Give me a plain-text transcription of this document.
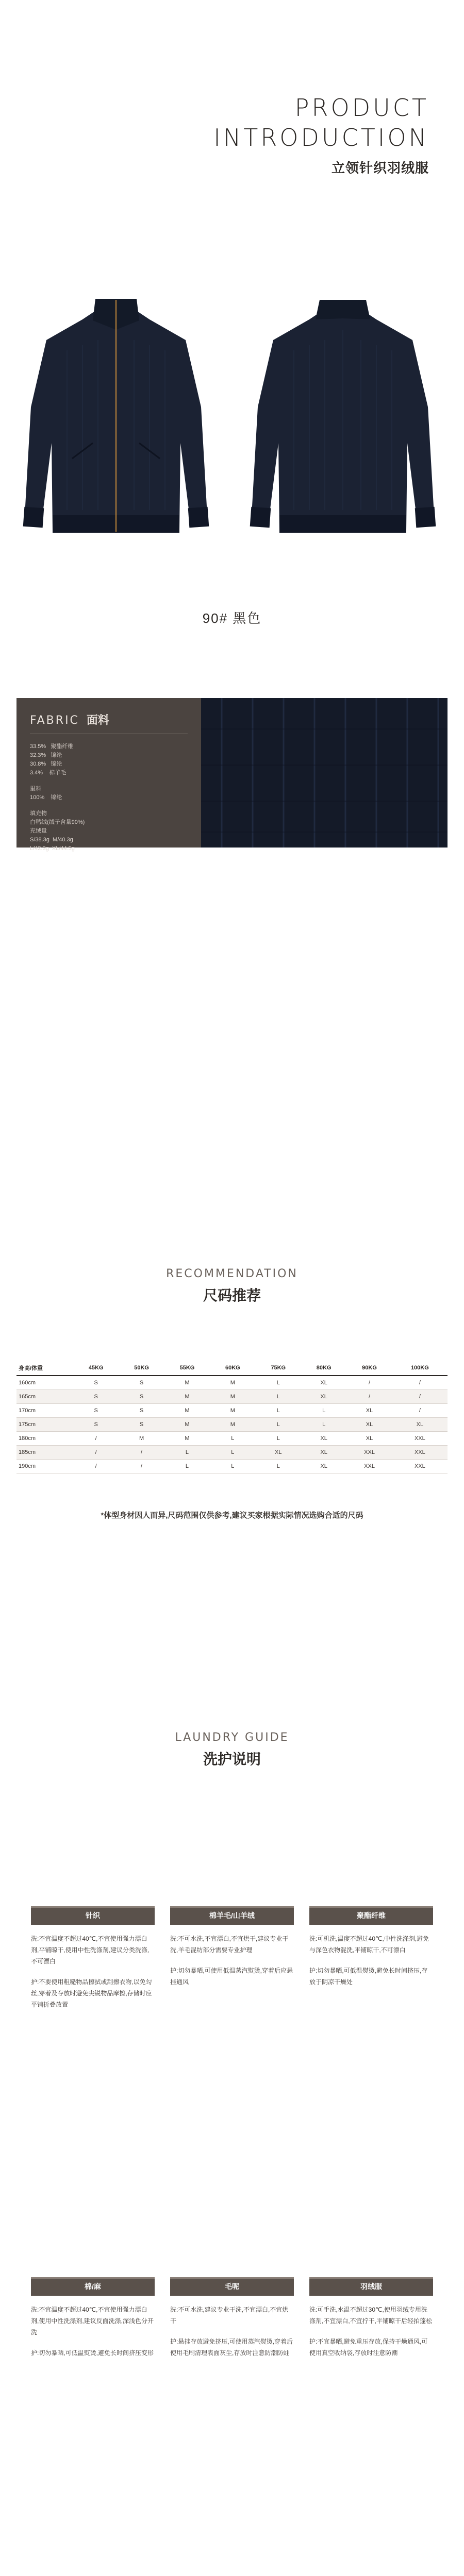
PRODUCT
INTRODUCTION
立领针织羽绒服
90# 黑色
FABRIC 面料
33.5%   聚酯纤维
32.3%   锦纶
30.8%   锦纶
3.4%    棉羊毛
里料
100%    锦纶
填充物
白鸭绒(绒子含量90%)
充绒量
S/38.3g  M/40.3g
L/42.3g  XL/44.5g
RECOMMENDATION
尺码推荐
身高/体重	45KG	50KG	55KG	60KG	75KG	80KG	90KG	100KG
160cm	S	S	M	M	L	XL	/	/
165cm	S	S	M	M	L	XL	/	/
170cm	S	S	M	M	L	L	XL	/
175cm	S	S	M	M	L	L	XL	XL
180cm	/	M	M	L	L	XL	XL	XXL
185cm	/	/	L	L	XL	XL	XXL	XXL
190cm	/	/	L	L	L	XL	XXL	XXL
*体型身材因人而异,尺码范围仅供参考,建议买家根据实际情况选购合适的尺码
LAUNDRY GUIDE
洗护说明
针织

洗:不宜温度不超过40℃,不宜使用强力漂白剂,平铺晾干,使用中性洗涤剂,建议分类洗涤,不可漂白

护:不要使用粗糙物品擦拭或刮擦衣物,以免勾丝,穿着及存放时避免尖锐物品摩擦,存储时应平铺折叠放置

棉羊毛/山羊绒

洗:不可水洗,不宜漂白,不宜烘干,建议专业干洗,羊毛混纺部分需要专业护理

护:切勿暴晒,可使用低温蒸汽熨烫,穿着后应悬挂通风

聚酯纤维

洗:可机洗,温度不超过40℃,中性洗涤剂,避免与深色衣物混洗,平铺晾干,不可漂白

护:切勿暴晒,可低温熨烫,避免长时间挤压,存放于阴凉干燥处

棉/麻

洗:不宜温度不超过40℃,不宜使用强力漂白剂,使用中性洗涤剂,建议反面洗涤,深浅色分开洗

护:切勿暴晒,可低温熨烫,避免长时间挤压变形

毛呢

洗:不可水洗,建议专业干洗,不宜漂白,不宜烘干

护:悬挂存放避免挤压,可使用蒸汽熨烫,穿着后使用毛刷清理表面灰尘,存放时注意防潮防蛀

羽绒服

洗:可手洗,水温不超过30℃,使用羽绒专用洗涤剂,不宜漂白,不宜拧干,平铺晾干后轻拍蓬松

护:不宜暴晒,避免重压存放,保持干燥通风,可使用真空收纳袋,存放时注意防潮
